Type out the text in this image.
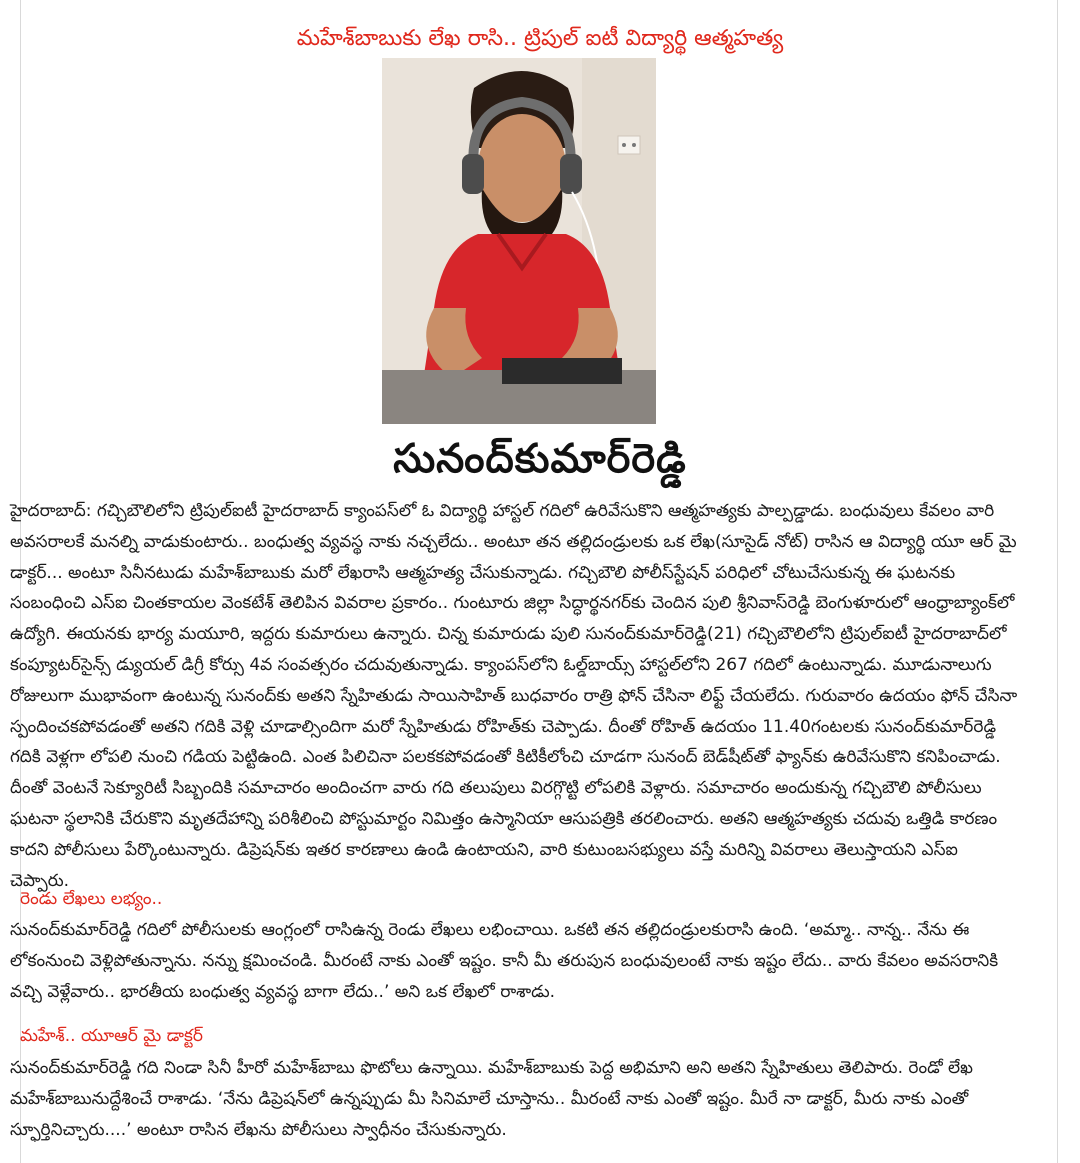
మహేశ్‌బాబుకు లేఖ రాసి.. ట్రిపుల్ ఐటీ విద్యార్థి ఆత్మహత్య
సునంద్‌కుమార్‌రెడ్డి

హైదరాబాద్: గచ్చిబౌలిలోని ట్రిపుల్‌ఐటీ హైదరాబాద్ క్యాంపస్‌లో ఓ విద్యార్థి హాస్టల్ గదిలో ఉరివేసుకొని ఆత్మహత్యకు పాల్పడ్డాడు. బంధువులు కేవలం వారి అవసరాలకే మనల్ని వాడుకుంటారు.. బంధుత్వ వ్యవస్థ నాకు నచ్చలేదు.. అంటూ తన తల్లిదండ్రులకు ఒక లేఖ(సూసైడ్ నోట్) రాసిన ఆ విద్యార్థి యూ ఆర్ మై డాక్టర్... అంటూ సినీనటుడు మహేశ్‌బాబుకు మరో లేఖరాసి ఆత్మహత్య చేసుకున్నాడు. గచ్చిబౌలి పోలీస్‌స్టేషన్ పరిధిలో చోటుచేసుకున్న ఈ ఘటనకు సంబంధించి ఎస్‌ఐ చింతకాయల వెంకటేశ్ తెలిపిన వివరాల ప్రకారం.. గుంటూరు జిల్లా సిద్ధార్థనగర్‌కు చెందిన పులి శ్రీనివాస్‌రెడ్డి బెంగుళూరులో ఆంధ్రాబ్యాంక్‌లో ఉద్యోగి. ఈయనకు భార్య మయూరి, ఇద్దరు కుమారులు ఉన్నారు. చిన్న కుమారుడు పులి సునంద్‌కుమార్‌రెడ్డి(21) గచ్చిబౌలిలోని ట్రిపుల్‌ఐటీ హైదరాబాద్‌లో కంప్యూటర్‌సైన్స్ డ్యుయల్ డిగ్రీ కోర్సు 4వ సంవత్సరం చదువుతున్నాడు. క్యాంపస్‌లోని ఓల్డ్‌బాయ్స్ హాస్టల్‌లోని 267 గదిలో ఉంటున్నాడు. మూడునాలుగు రోజులుగా ముభావంగా ఉంటున్న సునంద్‌కు అతని స్నేహితుడు సాయిసాహిత్ బుధవారం రాత్రి ఫోన్ చేసినా లిఫ్ట్ చేయలేదు. గురువారం ఉదయం ఫోన్ చేసినా స్పందించకపోవడంతో అతని గదికి వెళ్లి చూడాల్సిందిగా మరో స్నేహితుడు రోహిత్‌కు చెప్పాడు. దీంతో రోహిత్ ఉదయం 11.40గంటలకు సునంద్‌కుమార్‌రెడ్డి గదికి వెళ్లగా లోపలి నుంచి గడియ పెట్టిఉంది. ఎంత పిలిచినా పలకకపోవడంతో కిటికీలోంచి చూడగా సునంద్ బెడ్‌షీట్‌తో ఫ్యాన్‌కు ఉరివేసుకొని కనిపించాడు. దీంతో వెంటనే సెక్యూరిటీ సిబ్బందికి సమాచారం అందించగా వారు గది తలుపులు విరగ్గొట్టి లోపలికి వెళ్లారు. సమాచారం అందుకున్న గచ్చిబౌలి పోలీసులు ఘటనా స్థలానికి చేరుకొని మృతదేహాన్ని పరిశీలించి పోస్టుమార్టం నిమిత్తం ఉస్మానియా ఆసుపత్రికి తరలించారు. అతని ఆత్మహత్యకు చదువు ఒత్తిడి కారణం కాదని పోలీసులు పేర్కొంటున్నారు. డిప్రెషన్‌కు ఇతర కారణాలు ఉండి ఉంటాయని, వారి కుటుంబసభ్యులు వస్తే మరిన్ని వివరాలు తెలుస్తాయని ఎస్‌ఐ చెప్పారు.

రెండు లేఖలు లభ్యం..

సునంద్‌కుమార్‌రెడ్డి గదిలో పోలీసులకు ఆంగ్లంలో రాసిఉన్న రెండు లేఖలు లభించాయి. ఒకటి తన తల్లిదండ్రులకురాసి ఉంది. ‘అమ్మా.. నాన్న.. నేను ఈ లోకంనుంచి వెళ్లిపోతున్నాను. నన్ను క్షమించండి. మీరంటే నాకు ఎంతో ఇష్టం. కానీ మీ తరుపున బంధువులంటే నాకు ఇష్టం లేదు.. వారు కేవలం అవసరానికి వచ్చి వెళ్లేవారు.. భారతీయ బంధుత్వ వ్యవస్థ బాగా లేదు..’ అని ఒక లేఖలో రాశాడు.

మహేశ్.. యూఆర్ మై డాక్టర్

సునంద్‌కుమార్‌రెడ్డి గది నిండా సినీ హీరో మహేశ్‌బాబు ఫొటోలు ఉన్నాయి. మహేశ్‌బాబుకు పెద్ద అభిమాని అని అతని స్నేహితులు తెలిపారు. రెండో లేఖ మహేశ్‌బాబునుద్దేశించే రాశాడు. ‘నేను డిప్రెషన్‌లో ఉన్నప్పుడు మీ సినిమాలే చూస్తాను.. మీరంటే నాకు ఎంతో ఇష్టం. మీరే నా డాక్టర్, మీరు నాకు ఎంతో స్ఫూర్తినిచ్చారు....’ అంటూ రాసిన లేఖను పోలీసులు స్వాధీనం చేసుకున్నారు.
